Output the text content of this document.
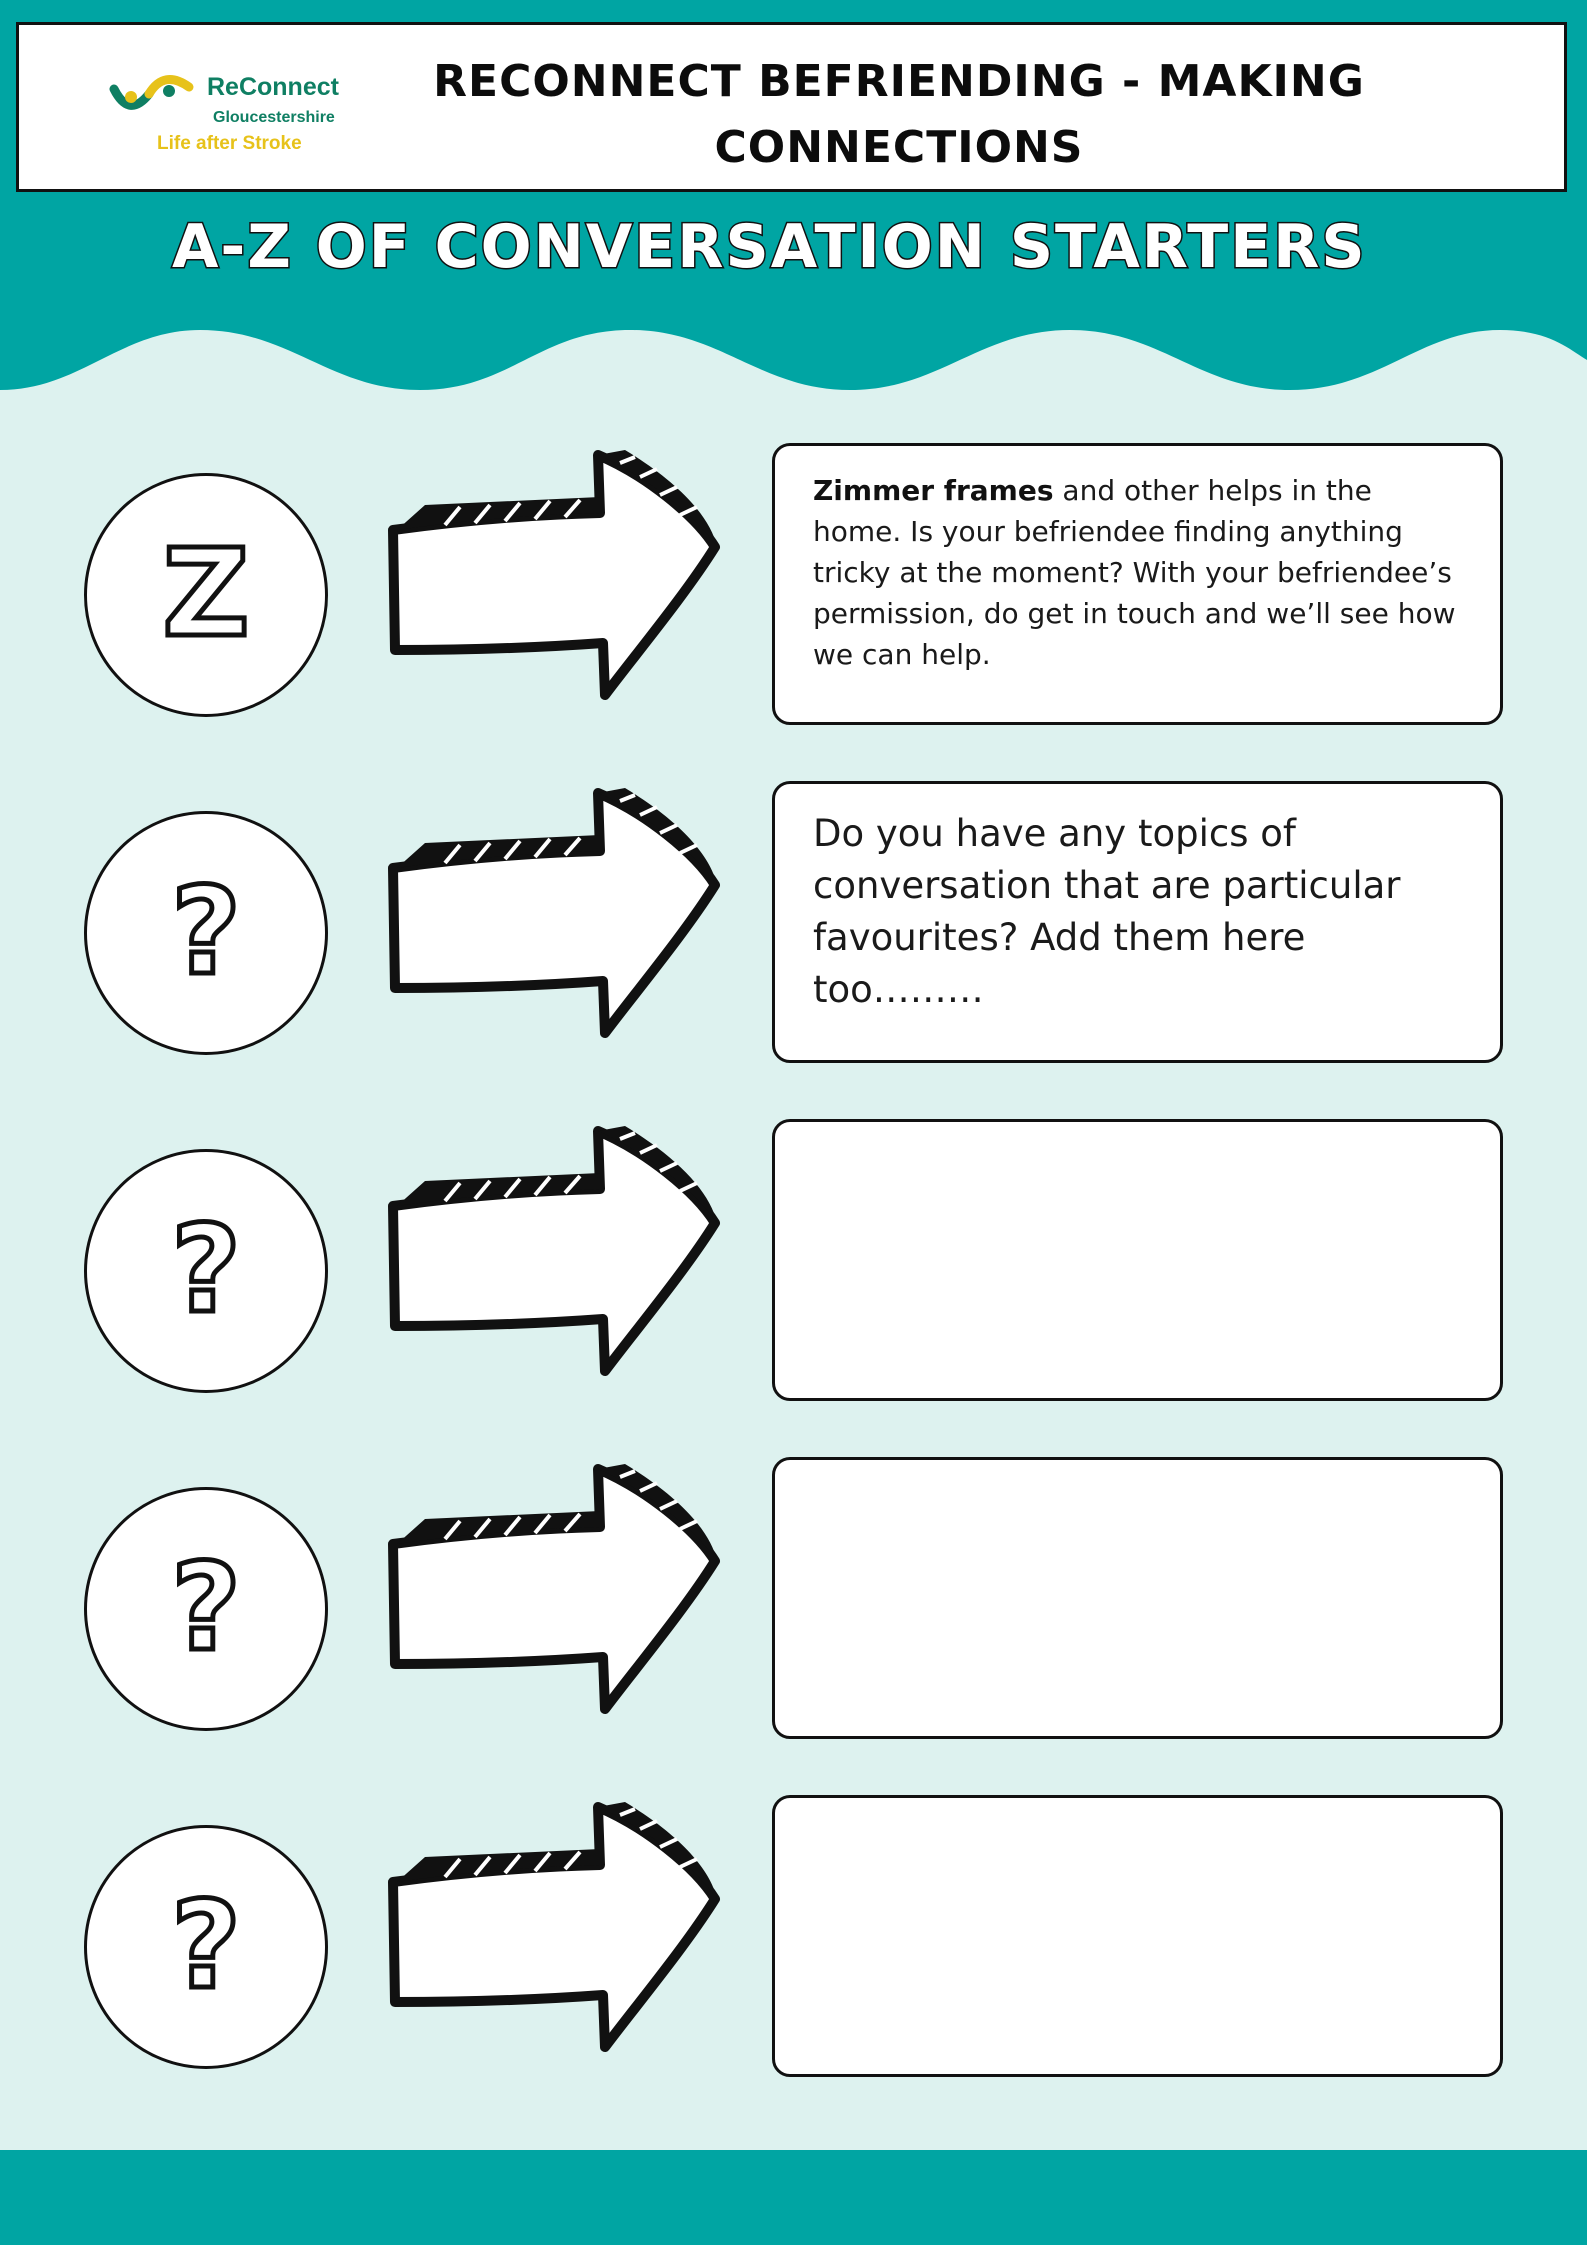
ReConnect
Gloucestershire
Life after Stroke
RECONNECT BEFRIENDING - MAKING CONNECTIONS
A-Z OF CONVERSATION STARTERS
Z
Zimmer frames and other helps in the home. Is your befriendee finding anything tricky at the moment? With your befriendee’s permission, do get in touch and we’ll see how we can help.
?
Do you have any topics of conversation that are particular favourites? Add them here too………
?
?
?
